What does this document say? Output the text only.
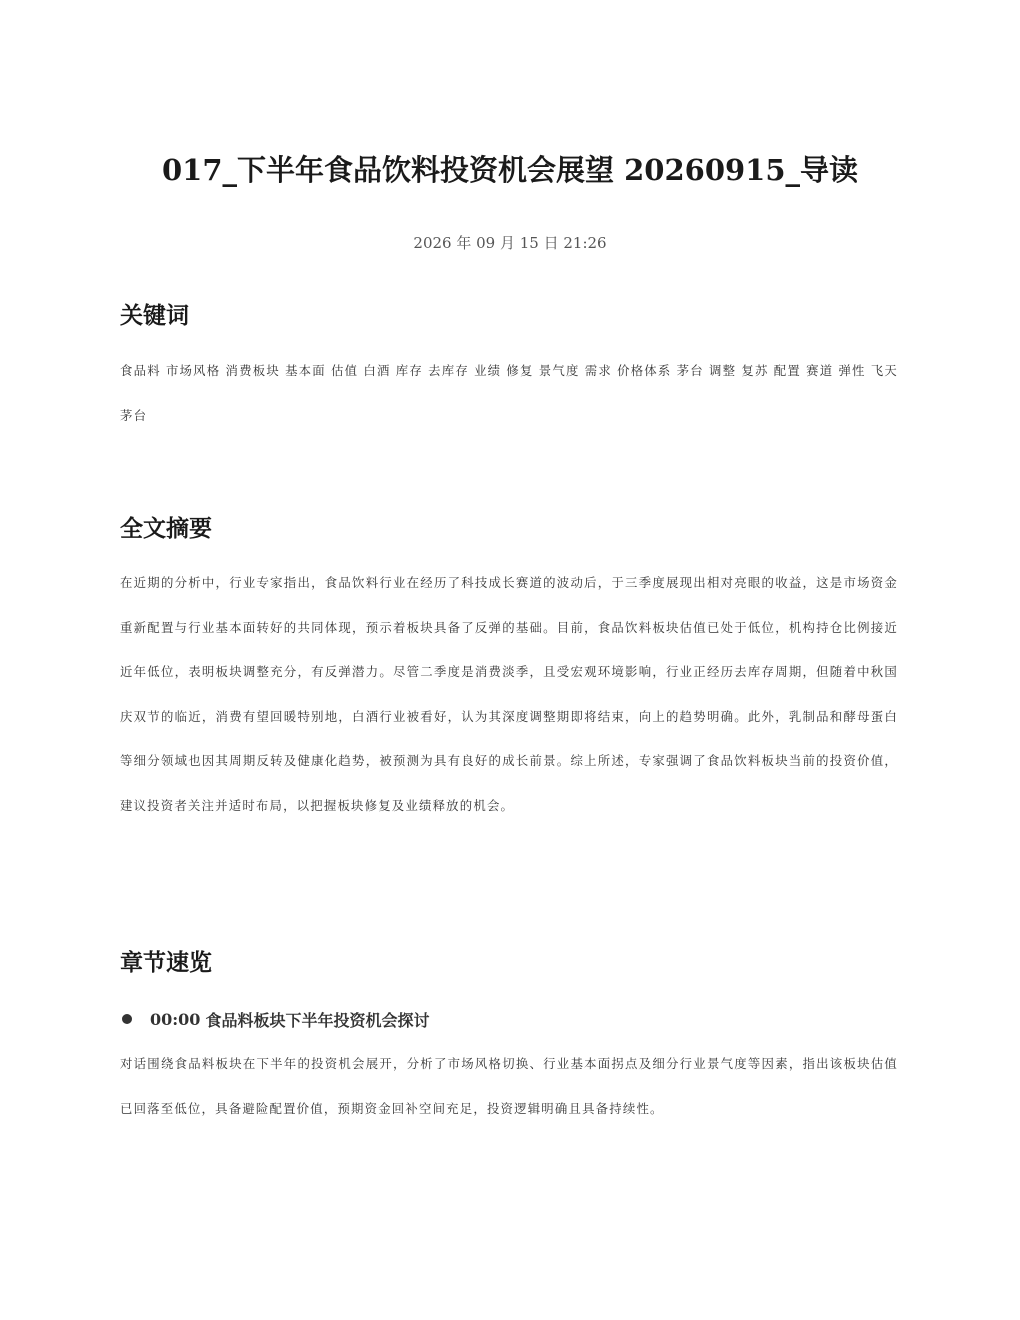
017_下半年食品饮料投资机会展望 20260915_导读
2026 年 09 月 15 日 21:26
关键词

食品料 市场风格 消费板块 基本面 估值 白酒 库存 去库存 业绩 修复 景气度 需求 价格体系 茅台 调整 复苏 配置 赛道 弹性 飞天茅台

全文摘要

在近期的分析中，行业专家指出，食品饮料行业在经历了科技成长赛道的波动后，于三季度展现出相对亮眼的收益，这是市场资金重新配置与行业基本面转好的共同体现，预示着板块具备了反弹的基础。目前，食品饮料板块估值已处于低位，机构持仓比例接近近年低位，表明板块调整充分，有反弹潜力。尽管二季度是消费淡季，且受宏观环境影响，行业正经历去库存周期，但随着中秋国庆双节的临近，消费有望回暖特别地，白酒行业被看好，认为其深度调整期即将结束，向上的趋势明确。此外，乳制品和酵母蛋白等细分领域也因其周期反转及健康化趋势，被预测为具有良好的成长前景。综上所述，专家强调了食品饮料板块当前的投资价值，建议投资者关注并适时布局，以把握板块修复及业绩释放的机会。

章节速览
00:00 食品料板块下半年投资机会探讨

对话围绕食品料板块在下半年的投资机会展开，分析了市场风格切换、行业基本面拐点及细分行业景气度等因素，指出该板块估值已回落至低位，具备避险配置价值，预期资金回补空间充足，投资逻辑明确且具备持续性。
